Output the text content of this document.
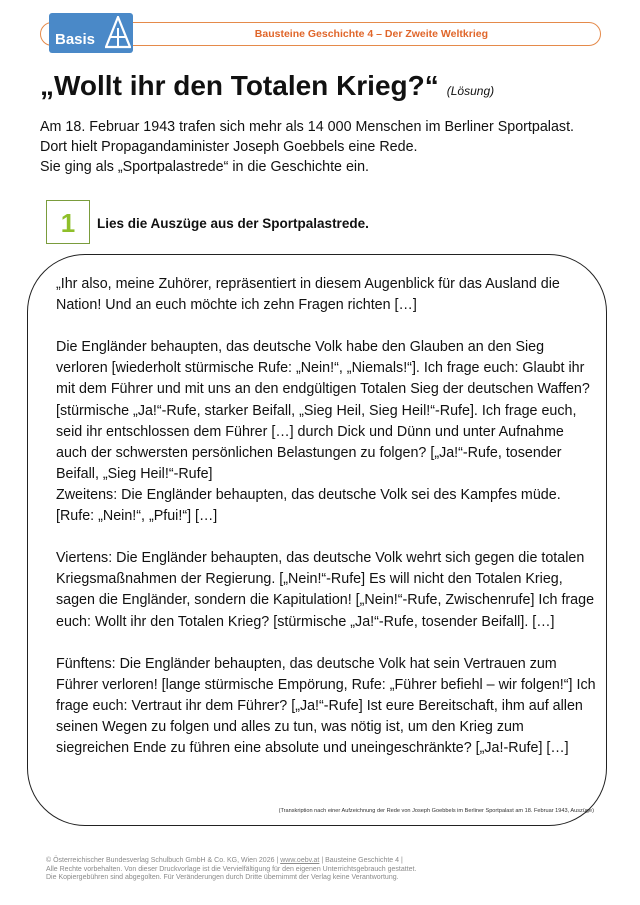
Bausteine Geschichte 4 – Der Zweite Weltkrieg
Basis
„Wollt ihr den Totalen Krieg?“ (Lösung)

Am 18. Februar 1943 trafen sich mehr als 14 000 Menschen im Berliner Sportpalast.

Dort hielt Propagandaminister Joseph Goebbels eine Rede.

Sie ging als „Sportpalastrede“ in die Geschichte ein.

1	Lies die Auszüge aus der Sportpalastrede.

„Ihr also, meine Zuhörer, repräsentiert in diesem Augenblick für das Ausland die Nation! Und an euch möchte ich zehn Fragen richten […]

Die Engländer behaupten, das deutsche Volk habe den Glauben an den Sieg verloren [wiederholt stürmische Rufe: „Nein!“, „Niemals!“]. Ich frage euch: Glaubt ihr mit dem Führer und mit uns an den endgültigen Totalen Sieg der deutschen Waffen? [stürmische „Ja!“-Rufe, starker Beifall, „Sieg Heil, Sieg Heil!“-Rufe]. Ich frage euch, seid ihr entschlossen dem Führer […] durch Dick und Dünn und unter Aufnahme auch der schwersten persönlichen Belastungen zu folgen? [„Ja!“-Rufe, tosender Beifall, „Sieg Heil!“-Rufe]

Zweitens: Die Engländer behaupten, das deutsche Volk sei des Kampfes müde. [Rufe: „Nein!“, „Pfui!“] […]

Viertens: Die Engländer behaupten, das deutsche Volk wehrt sich gegen die totalen Kriegsmaßnahmen der Regierung. [„Nein!“-Rufe] Es will nicht den Totalen Krieg, sagen die Engländer, sondern die Kapitulation! [„Nein!“-Rufe, Zwischenrufe] Ich frage euch: Wollt ihr den Totalen Krieg? [stürmische „Ja!“-Rufe, tosender Beifall]. […]

Fünftens: Die Engländer behaupten, das deutsche Volk hat sein Vertrauen zum Führer verloren! [lange stürmische Empörung, Rufe: „Führer befiehl – wir folgen!“] Ich frage euch: Vertraut ihr dem Führer? [„Ja!“-Rufe] Ist eure Bereitschaft, ihm auf allen seinen Wegen zu folgen und alles zu tun, was nötig ist, um den Krieg zum siegreichen Ende zu führen eine absolute und uneingeschränkte? [„Ja!-Rufe] […]

(Transkription nach einer Aufzeichnung der Rede von Joseph Goebbels im Berliner Sportpalast am 18. Februar 1943, Auszüge)

© Österreichischer Bundesverlag Schulbuch GmbH & Co. KG, Wien 2026 | www.oebv.at | Bausteine Geschichte 4 |

Alle Rechte vorbehalten. Von dieser Druckvorlage ist die Vervielfältigung für den eigenen Unterrichtsgebrauch gestattet.

Die Kopiergebühren sind abgegolten. Für Veränderungen durch Dritte übernimmt der Verlag keine Verantwortung.
